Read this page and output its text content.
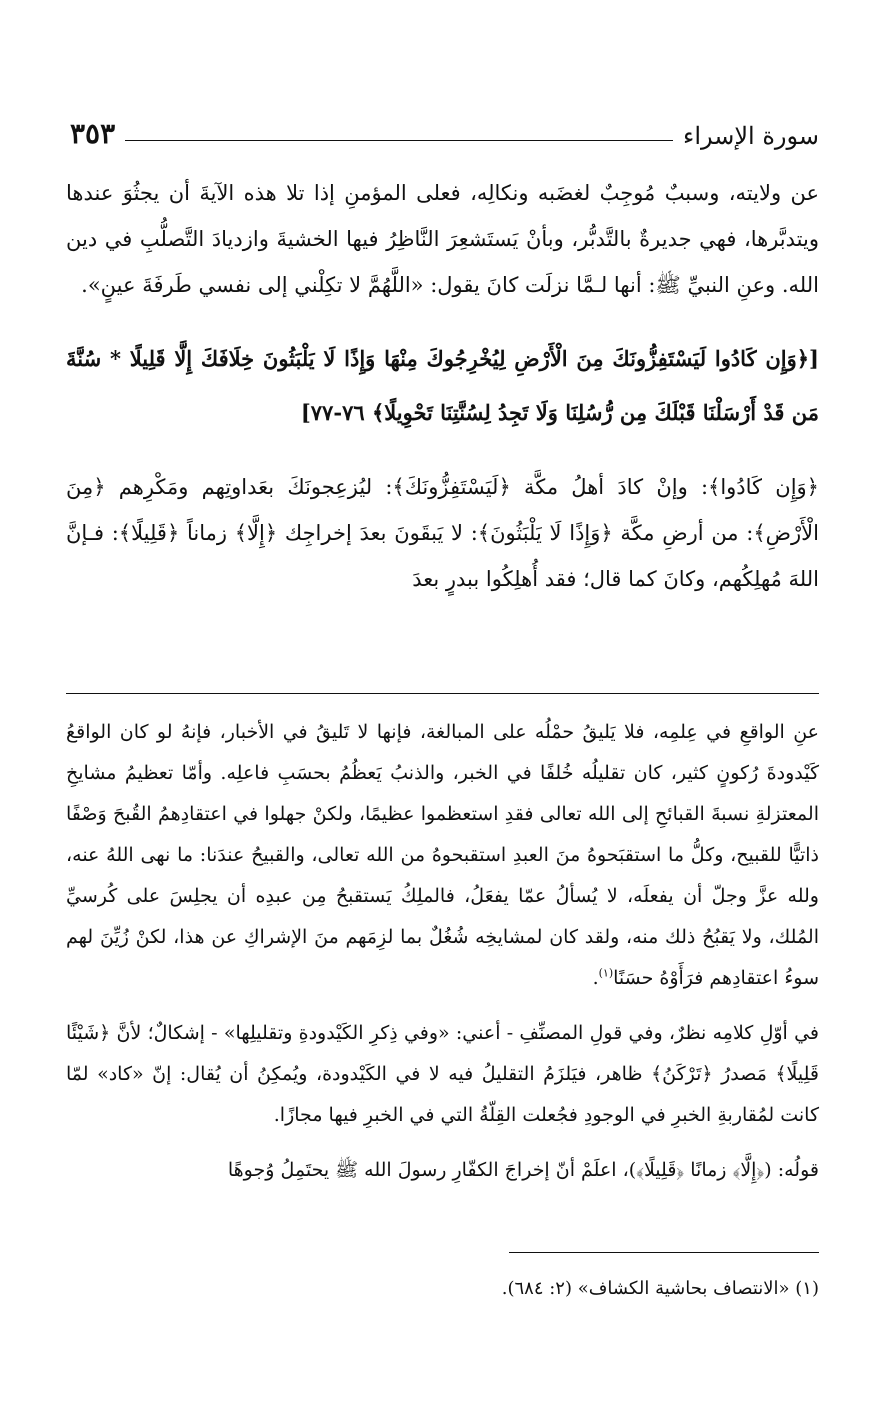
سورة الإسراء
٣٥٣

عن ولايته، وسببٌ مُوجِبٌ لغضَبه ونكالِه، فعلى المؤمنِ إذا تلا هذه الآيةَ أن يجثُوَ عندها ويتدبَّرها، فهي جديرةٌ بالتَّدبُّر، وبأنْ يَستَشعِرَ النَّاظِرُ فيها الخشيةَ وازديادَ التَّصلُّبِ في دين الله. وعنِ النبيِّ ﷺ: أنها لـمَّا نزلَت كانَ يقول: «اللَّهُمَّ لا تكِلْني إلى نفسي طَرفَةَ عينٍ».

[﴿وَإِن كَادُوا لَيَسْتَفِزُّونَكَ مِنَ الْأَرْضِ لِيُخْرِجُوكَ مِنْهَا وَإِذًا لَا يَلْبَثُونَ خِلَافَكَ إِلَّا قَلِيلًا * سُنَّةَ مَن قَدْ أَرْسَلْنَا قَبْلَكَ مِن رُّسُلِنَا وَلَا تَجِدُ لِسُنَّتِنَا تَحْوِيلًا﴾ ٧٦-٧٧]

﴿وَإِن كَادُوا﴾: وإنْ كادَ أهلُ مكَّة ﴿لَيَسْتَفِزُّونَكَ﴾: ليُزعِجونَكَ بعَداوتِهم ومَكْرِهم ﴿مِنَ الْأَرْضِ﴾: من أرضِ مكَّة ﴿وَإِذًا لَا يَلْبَثُونَ﴾: لا يَبقَونَ بعدَ إخراجِك ﴿إِلَّا﴾ زماناً ﴿قَلِيلًا﴾: فـإنَّ اللهَ مُهلِكُهم، وكانَ كما قال؛ فقد أُهلِكُوا ببدرٍ بعدَ

عنِ الواقعِ في عِلمِه، فلا يَليقُ حمْلُه على المبالغة، فإنها لا تَليقُ في الأخبار، فإنهُ لو كان الواقعُ كَيْدودةَ رُكونٍ كثير، كان تقليلُه خُلفًا في الخبر، والذنبُ يَعظُمُ بحسَبِ فاعلِه. وأمّا تعظيمُ مشايخِ المعتزلةِ نسبةَ القبائحِ إلى الله تعالى فقدِ استعظموا عظيمًا، ولكنْ جهلوا في اعتقادِهمُ القُبحَ وَصْفًا ذاتيًّا للقبيح، وكلُّ ما استقبَحوهُ منَ العبدِ استقبحوهُ من الله تعالى، والقبيحُ عندَنا: ما نهى اللهُ عنه، ولله عزَّ وجلّ أن يفعلَه، لا يُسألُ عمّا يفعَلُ، فالملِكُ يَستقبحُ مِن عبدِه أن يجلِسَ على كُرسيِّ المُلك، ولا يَقبُحُ ذلك منه، ولقد كان لمشايخِه شُغُلٌ بما لزِمَهم منَ الإشراكِ عن هذا، لكنْ زُيِّنَ لهم سوءُ اعتقادِهم فرَأَوْهُ حسَنًا$^{(١)}$.

في أوّلِ كلامِه نظرٌ، وفي قولِ المصنِّفِ - أعني: «وفي ذِكرِ الكَيْدودةِ وتقليلِها» - إشكالٌ؛ لأنَّ ﴿شَيْئًا قَلِيلًا﴾ مَصدرُ ﴿تَرْكَنُ﴾ ظاهر، فيَلزَمُ التقليلُ فيه لا في الكَيْدودة، ويُمكِنُ أن يُقال: إنّ «كاد» لمّا كانت لمُقاربةِ الخبرِ في الوجودِ فجُعلت القِلّةُ التي في الخبرِ فيها مجازًا.

قولُه: (﴿إِلَّا﴾ زمانًا ﴿قَلِيلًا﴾)، اعلَمْ أنّ إخراجَ الكفّارِ رسولَ الله ﷺ يحتَمِلُ وُجوهًا

(١) «الانتصاف بحاشية الكشاف» (٢: ٦٨٤).
